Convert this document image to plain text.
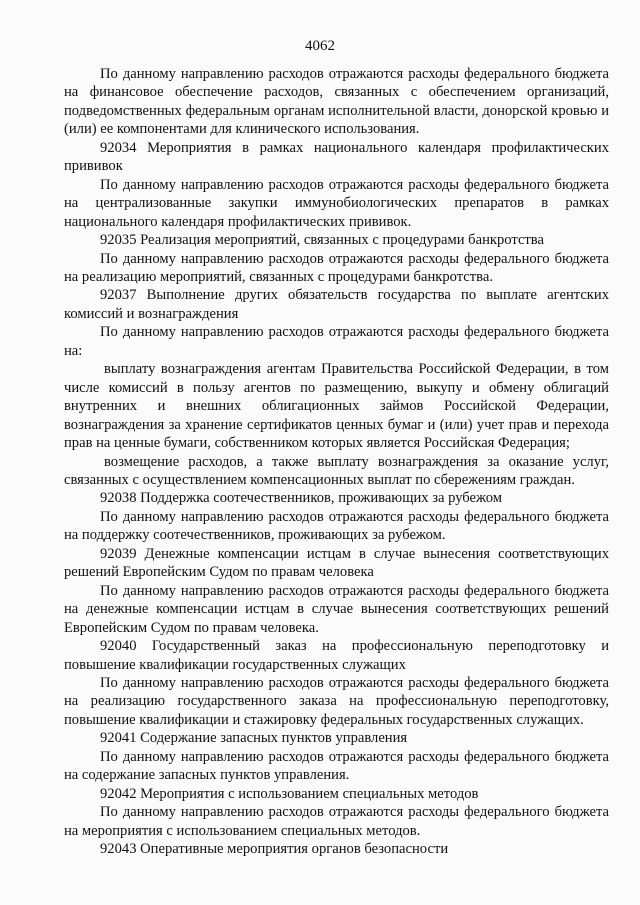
4062

По данному направлению расходов отражаются расходы федерального бюджета на финансовое обеспечение расходов, связанных с обеспечением организаций, подведомственных федеральным органам исполнительной власти, донорской кровью и (или) ее компонентами для клинического использования.

92034 Мероприятия в рамках национального календаря профилактических прививок

По данному направлению расходов отражаются расходы федерального бюджета на централизованные закупки иммунобиологических препаратов в рамках национального календаря профилактических прививок.

92035 Реализация мероприятий, связанных с процедурами банкротства

По данному направлению расходов отражаются расходы федерального бюджета на реализацию мероприятий, связанных с процедурами банкротства.

92037 Выполнение других обязательств государства по выплате агентских комиссий и вознаграждения

По данному направлению расходов отражаются расходы федерального бюджета на:

выплату вознаграждения агентам Правительства Российской Федерации, в том числе комиссий в пользу агентов по размещению, выкупу и обмену облигаций внутренних и внешних облигационных займов Российской Федерации, вознаграждения за хранение сертификатов ценных бумаг и (или) учет прав и перехода прав на ценные бумаги, собственником которых является Российская Федерация;

возмещение расходов, а также выплату вознаграждения за оказание услуг, связанных с осуществлением компенсационных выплат по сбережениям граждан.

92038 Поддержка соотечественников, проживающих за рубежом

По данному направлению расходов отражаются расходы федерального бюджета на поддержку соотечественников, проживающих за рубежом.

92039 Денежные компенсации истцам в случае вынесения соответствующих решений Европейским Судом по правам человека

По данному направлению расходов отражаются расходы федерального бюджета на денежные компенсации истцам в случае вынесения соответствующих решений Европейским Судом по правам человека.

92040 Государственный заказ на профессиональную переподготовку и повышение квалификации государственных служащих

По данному направлению расходов отражаются расходы федерального бюджета на реализацию государственного заказа на профессиональную переподготовку, повышение квалификации и стажировку федеральных государственных служащих.

92041 Содержание запасных пунктов управления

По данному направлению расходов отражаются расходы федерального бюджета на содержание запасных пунктов управления.

92042 Мероприятия с использованием специальных методов

По данному направлению расходов отражаются расходы федерального бюджета на мероприятия с использованием специальных методов.

92043 Оперативные мероприятия органов безопасности
